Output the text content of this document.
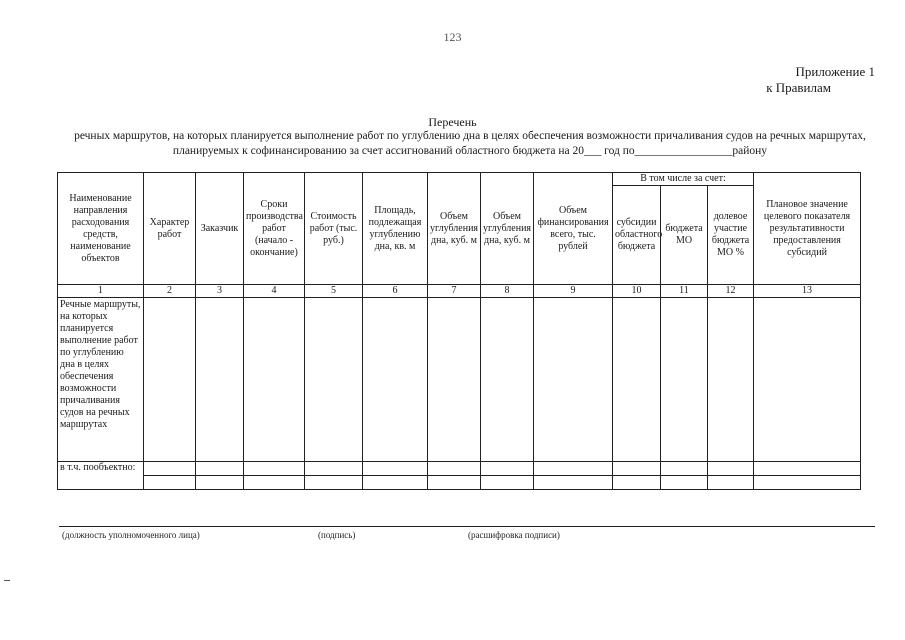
123
Приложение 1
к Правилам
Перечень
речных маршрутов, на которых планируется выполнение работ по углублению дна в целях обеспечения возможности причаливания судов на речных маршрутах, планируемых к софинансированию за счет ассигнований областного бюджета на 20___ год по_________________району
Наименование направления расходования средств, наименование объектов	Характер работ	Заказчик	Сроки производства работ (начало - окончание)	Стоимость работ (тыс. руб.)	Площадь, подлежащая углублению дна, кв. м	Объем углубления дна, куб. м	Объем углубления дна, куб. м	Объем финансирования всего, тыс. рублей	В том числе за счет:			Плановое значение целевого показателя результативности предоставления субсидий
									субсидии областного бюджета	бюджета МО	долевое участие бюджета МО %	
1	2	3	4	5	6	7	8	9	10	11	12	13
Речные маршруты, на которых планируется выполнение работ по углублению дна в целях обеспечения возможности причаливания судов на речных маршрутах												
в т.ч. пообъектно:												

(должность уполномоченного лица)	(подпись)	(расшифровка подписи)
